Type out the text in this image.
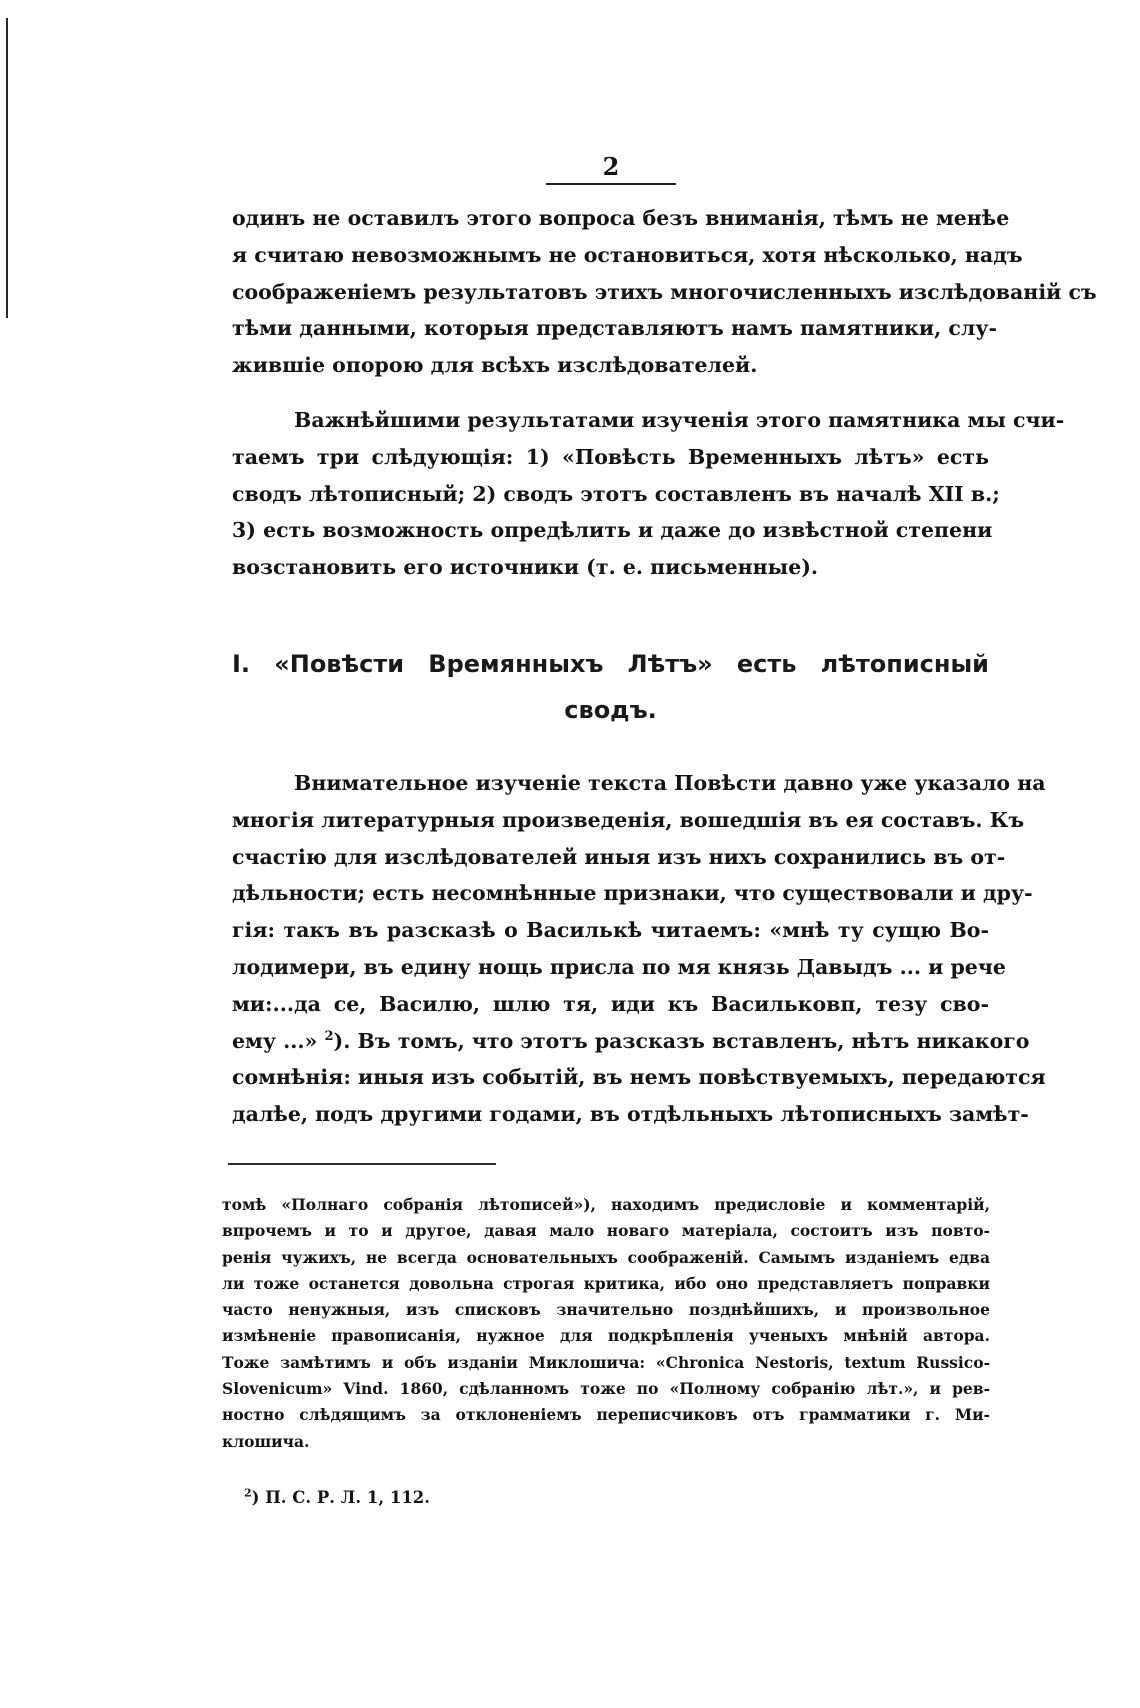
2
одинъ не оставилъ этого вопроса безъ вниманія, тѣмъ не менѣе
я считаю невозможнымъ не остановиться, хотя нѣсколько, надъ
соображеніемъ результатовъ этихъ многочисленныхъ изслѣдованій съ
тѣми данными, которыя представляютъ намъ памятники, слу-
жившіе опорою для всѣхъ изслѣдователей.
Важнѣйшими результатами изученія этого памятника мы счи-
таемъ три слѣдующія: 1) «Повѣсть Временныхъ лѣтъ» есть
сводъ лѣтописный; 2) сводъ этотъ составленъ въ началѣ XII в.;
3) есть возможность опредѣлить и даже до извѣстной степени
возстановить его источники (т. е. письменные).
I. «Повѣсти Времянныхъ Лѣтъ» есть лѣтописный
сводъ.
Внимательное изученіе текста Повѣсти давно уже указало на
многія литературныя произведенія, вошедшія въ ея составъ. Къ
счастію для изслѣдователей иныя изъ нихъ сохранились въ от-
дѣльности; есть несомнѣнные признаки, что существовали и дру-
гія: такъ въ разсказѣ о Василькѣ читаемъ: «мнѣ ту сущю Во-
лодимери, въ едину нощь присла по мя князь Давыдъ ... и рече
ми:...да се, Василю, шлю тя, иди къ Васильковп, тезу сво-
ему ...» $^2$). Въ томъ, что этотъ разсказъ вставленъ, нѣтъ никакого
сомнѣнія: иныя изъ событій, въ немъ повѣствуемыхъ, передаются
далѣе, подъ другими годами, въ отдѣльныхъ лѣтописныхъ замѣт-
томѣ «Полнаго собранія лѣтописей»), находимъ предисловіе и комментарій,
впрочемъ и то и другое, давая мало новаго матеріала, состоитъ изъ повто-
ренія чужихъ, не всегда основательныхъ соображеній. Самымъ изданіемъ едва
ли тоже останется довольна строгая критика, ибо оно представляетъ поправки
часто ненужныя, изъ списковъ значительно позднѣйшихъ, и произвольное
измѣненіе правописанія, нужное для подкрѣпленія ученыхъ мнѣній автора.
Тоже замѣтимъ и объ изданіи Миклошича: «Chronica Nestoris, textum Russico-
Slovenicum» Vind. 1860, сдѣланномъ тоже по «Полному собранію лѣт.», и рев-
ностно слѣдящимъ за отклоненіемъ переписчиковъ отъ грамматики г. Ми-
клошича.
$^2$) П. С. Р. Л. 1, 112.
